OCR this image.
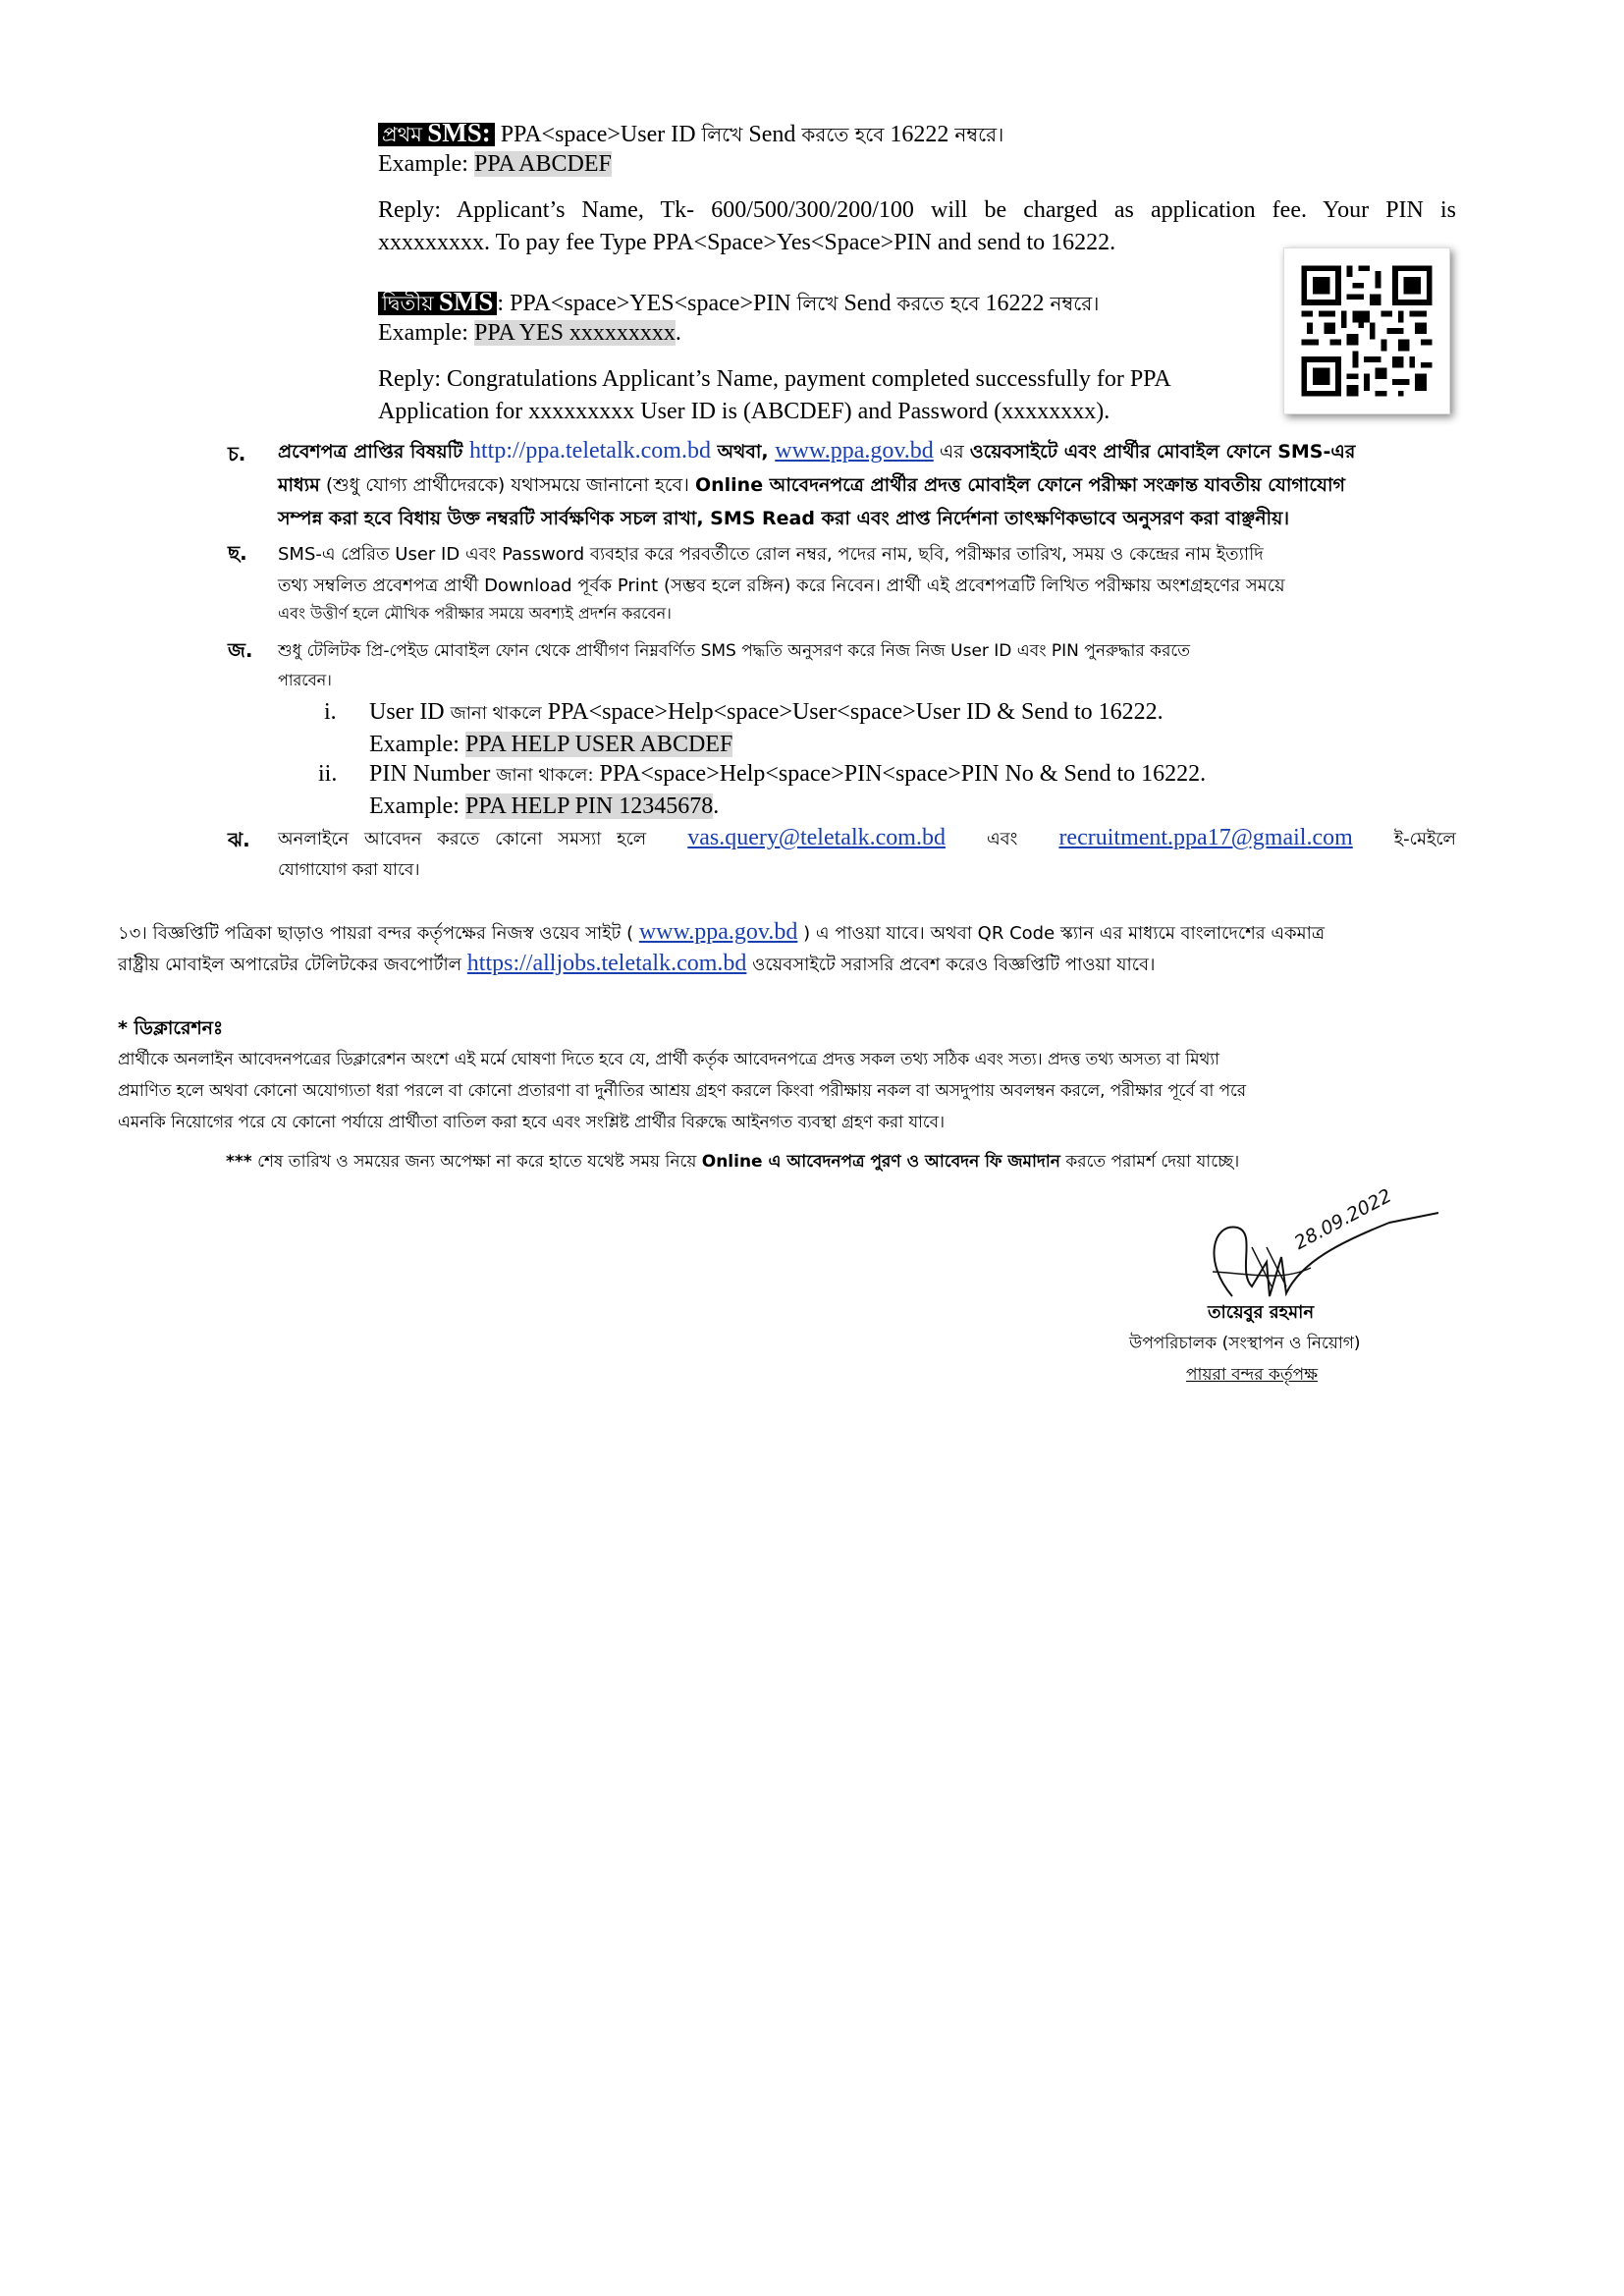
প্রথম SMS: PPA<space>User ID লিখে Send করতে হবে 16222 নম্বরে।
Example: PPA ABCDEF
Reply: Applicant’s Name, Tk- 600/500/300/200/100 will be charged as application fee. Your PIN is
xxxxxxxxx. To pay fee Type PPA<Space>Yes<Space>PIN and send to 16222.
দ্বিতীয় SMS : PPA<space>YES<space>PIN লিখে Send করতে হবে 16222 নম্বরে।
Example: PPA YES xxxxxxxxx.
Reply: Congratulations Applicant’s Name, payment completed successfully for PPA
Application for xxxxxxxxx User ID is (ABCDEF) and Password (xxxxxxxx).
চ. প্রবেশপত্র প্রাপ্তির বিষয়টি http://ppa.teletalk.com.bd অথবা, www.ppa.gov.bd এর ওয়েবসাইটে এবং প্রার্থীর মোবাইল ফোনে SMS-এর
মাধ্যম (শুধু যোগ্য প্রার্থীদেরকে) যথাসময়ে জানানো হবে। Online আবেদনপত্রে প্রার্থীর প্রদত্ত মোবাইল ফোনে পরীক্ষা সংক্রান্ত যাবতীয় যোগাযোগ
সম্পন্ন করা হবে বিধায় উক্ত নম্বরটি সার্বক্ষণিক সচল রাখা, SMS Read করা এবং প্রাপ্ত নির্দেশনা তাৎক্ষণিকভাবে অনুসরণ করা বাঞ্ছনীয়।
ছ. SMS-এ প্রেরিত User ID এবং Password ব্যবহার করে পরবর্তীতে রোল নম্বর, পদের নাম, ছবি, পরীক্ষার তারিখ, সময় ও কেন্দ্রের নাম ইত্যাদি
তথ্য সম্বলিত প্রবেশপত্র প্রার্থী Download পূর্বক Print (সম্ভব হলে রঙ্গিন) করে নিবেন। প্রার্থী এই প্রবেশপত্রটি লিখিত পরীক্ষায় অংশগ্রহণের সময়ে
এবং উত্তীর্ণ হলে মৌখিক পরীক্ষার সময়ে অবশ্যই প্রদর্শন করবেন।
জ. শুধু টেলিটক প্রি-পেইড মোবাইল ফোন থেকে প্রার্থীগণ নিম্নবর্ণিত SMS পদ্ধতি অনুসরণ করে নিজ নিজ User ID এবং PIN পুনরুদ্ধার করতে
পারবেন।
i. User ID জানা থাকলে PPA<space>Help<space>User<space>User ID & Send to 16222.
Example: PPA HELP USER ABCDEF
ii. PIN Number জানা থাকলে: PPA<space>Help<space>PIN<space>PIN No & Send to 16222.
Example: PPA HELP PIN 12345678.
ঝ. অনলাইনে আবেদন করতে কোনো সমস্যা হলে vas.query@teletalk.com.bd এবং recruitment.ppa17@gmail.com ই-মেইলে
যোগাযোগ করা যাবে।
১৩। বিজ্ঞপ্তিটি পত্রিকা ছাড়াও পায়রা বন্দর কর্তৃপক্ষের নিজস্ব ওয়েব সাইট ( www.ppa.gov.bd ) এ পাওয়া যাবে। অথবা QR Code স্ক্যান এর মাধ্যমে বাংলাদেশের একমাত্র
রাষ্ট্রীয় মোবাইল অপারেটর টেলিটকের জবপোর্টাল https://alljobs.teletalk.com.bd ওয়েবসাইটে সরাসরি প্রবেশ করেও বিজ্ঞপ্তিটি পাওয়া যাবে।
* ডিক্লারেশনঃ
প্রার্থীকে অনলাইন আবেদনপত্রের ডিক্লারেশন অংশে এই মর্মে ঘোষণা দিতে হবে যে, প্রার্থী কর্তৃক আবেদনপত্রে প্রদত্ত সকল তথ্য সঠিক এবং সত্য। প্রদত্ত তথ্য অসত্য বা মিথ্যা
প্রমাণিত হলে অথবা কোনো অযোগ্যতা ধরা পরলে বা কোনো প্রতারণা বা দুর্নীতির আশ্রয় গ্রহণ করলে কিংবা পরীক্ষায় নকল বা অসদুপায় অবলম্বন করলে, পরীক্ষার পূর্বে বা পরে
এমনকি নিয়োগের পরে যে কোনো পর্যায়ে প্রার্থীতা বাতিল করা হবে এবং সংশ্লিষ্ট প্রার্থীর বিরুদ্ধে আইনগত ব্যবস্থা গ্রহণ করা যাবে।
*** শেষ তারিখ ও সময়ের জন্য অপেক্ষা না করে হাতে যথেষ্ট সময় নিয়ে Online এ আবেদনপত্র পুরণ ও আবেদন ফি জমাদান করতে পরামর্শ দেয়া যাচ্ছে।
28.09.2022
তায়েবুর রহমান
উপপরিচালক (সংস্থাপন ও নিয়োগ)
পায়রা বন্দর কর্তৃপক্ষ
